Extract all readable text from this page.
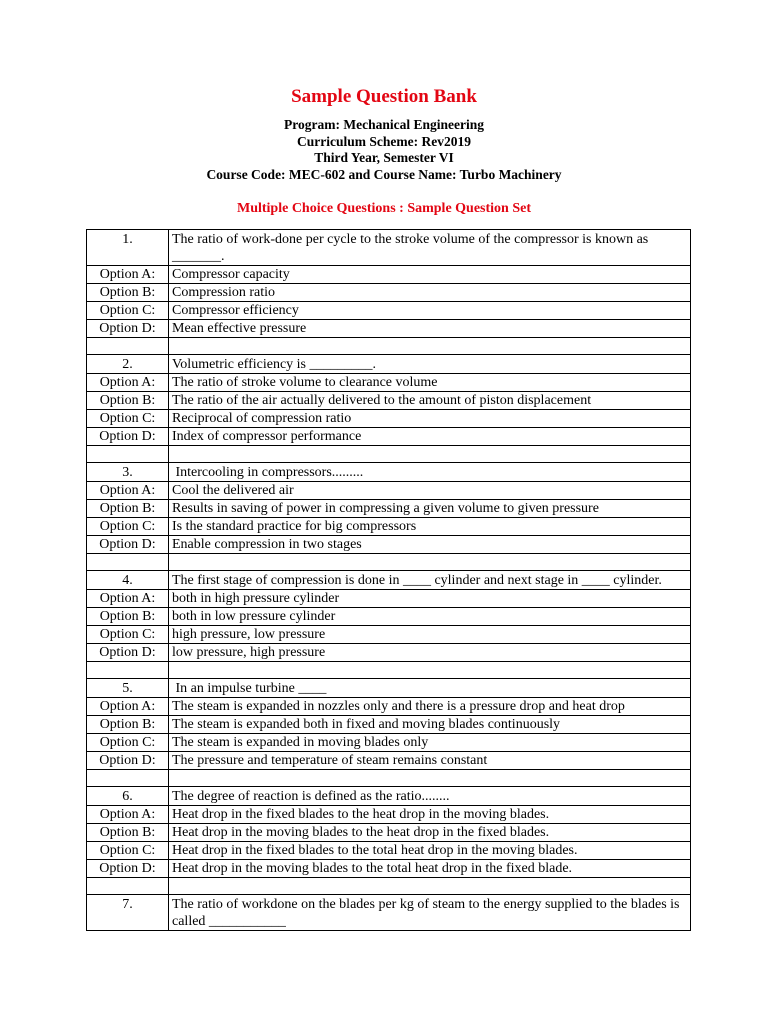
Sample Question Bank
Program: Mechanical Engineering
Curriculum Scheme: Rev2019
Third Year, Semester VI
Course Code: MEC-602 and Course Name: Turbo Machinery
Multiple Choice Questions : Sample Question Set
1.	The ratio of work-done per cycle to the stroke volume of the compressor is known as _______.
Option A:	Compressor capacity
Option B:	Compression ratio
Option C:	Compressor efficiency
Option D:	Mean effective pressure

2.	Volumetric efficiency is _________.
Option A:	The ratio of stroke volume to clearance volume
Option B:	The ratio of the air actually delivered to the amount of piston displacement
Option C:	Reciprocal of compression ratio
Option D:	Index of compressor performance

3.	Intercooling in compressors.........
Option A:	Cool the delivered air
Option B:	Results in saving of power in compressing a given volume to given pressure
Option C:	Is the standard practice for big compressors
Option D:	Enable compression in two stages

4.	The first stage of compression is done in ____ cylinder and next stage in ____ cylinder.
Option A:	both in high pressure cylinder
Option B:	both in low pressure cylinder
Option C:	high pressure, low pressure
Option D:	low pressure, high pressure

5.	In an impulse turbine ____
Option A:	The steam is expanded in nozzles only and there is a pressure drop and heat drop
Option B:	The steam is expanded both in fixed and moving blades continuously
Option C:	The steam is expanded in moving blades only
Option D:	The pressure and temperature of steam remains constant

6.	The degree of reaction is defined as the ratio........
Option A:	Heat drop in the fixed blades to the heat drop in the moving blades.
Option B:	Heat drop in the moving blades to the heat drop in the fixed blades.
Option C:	Heat drop in the fixed blades to the total heat drop in the moving blades.
Option D:	Heat drop in the moving blades to the total heat drop in the fixed blade.

7.	The ratio of workdone on the blades per kg of steam to the energy supplied to the blades is called ___________
